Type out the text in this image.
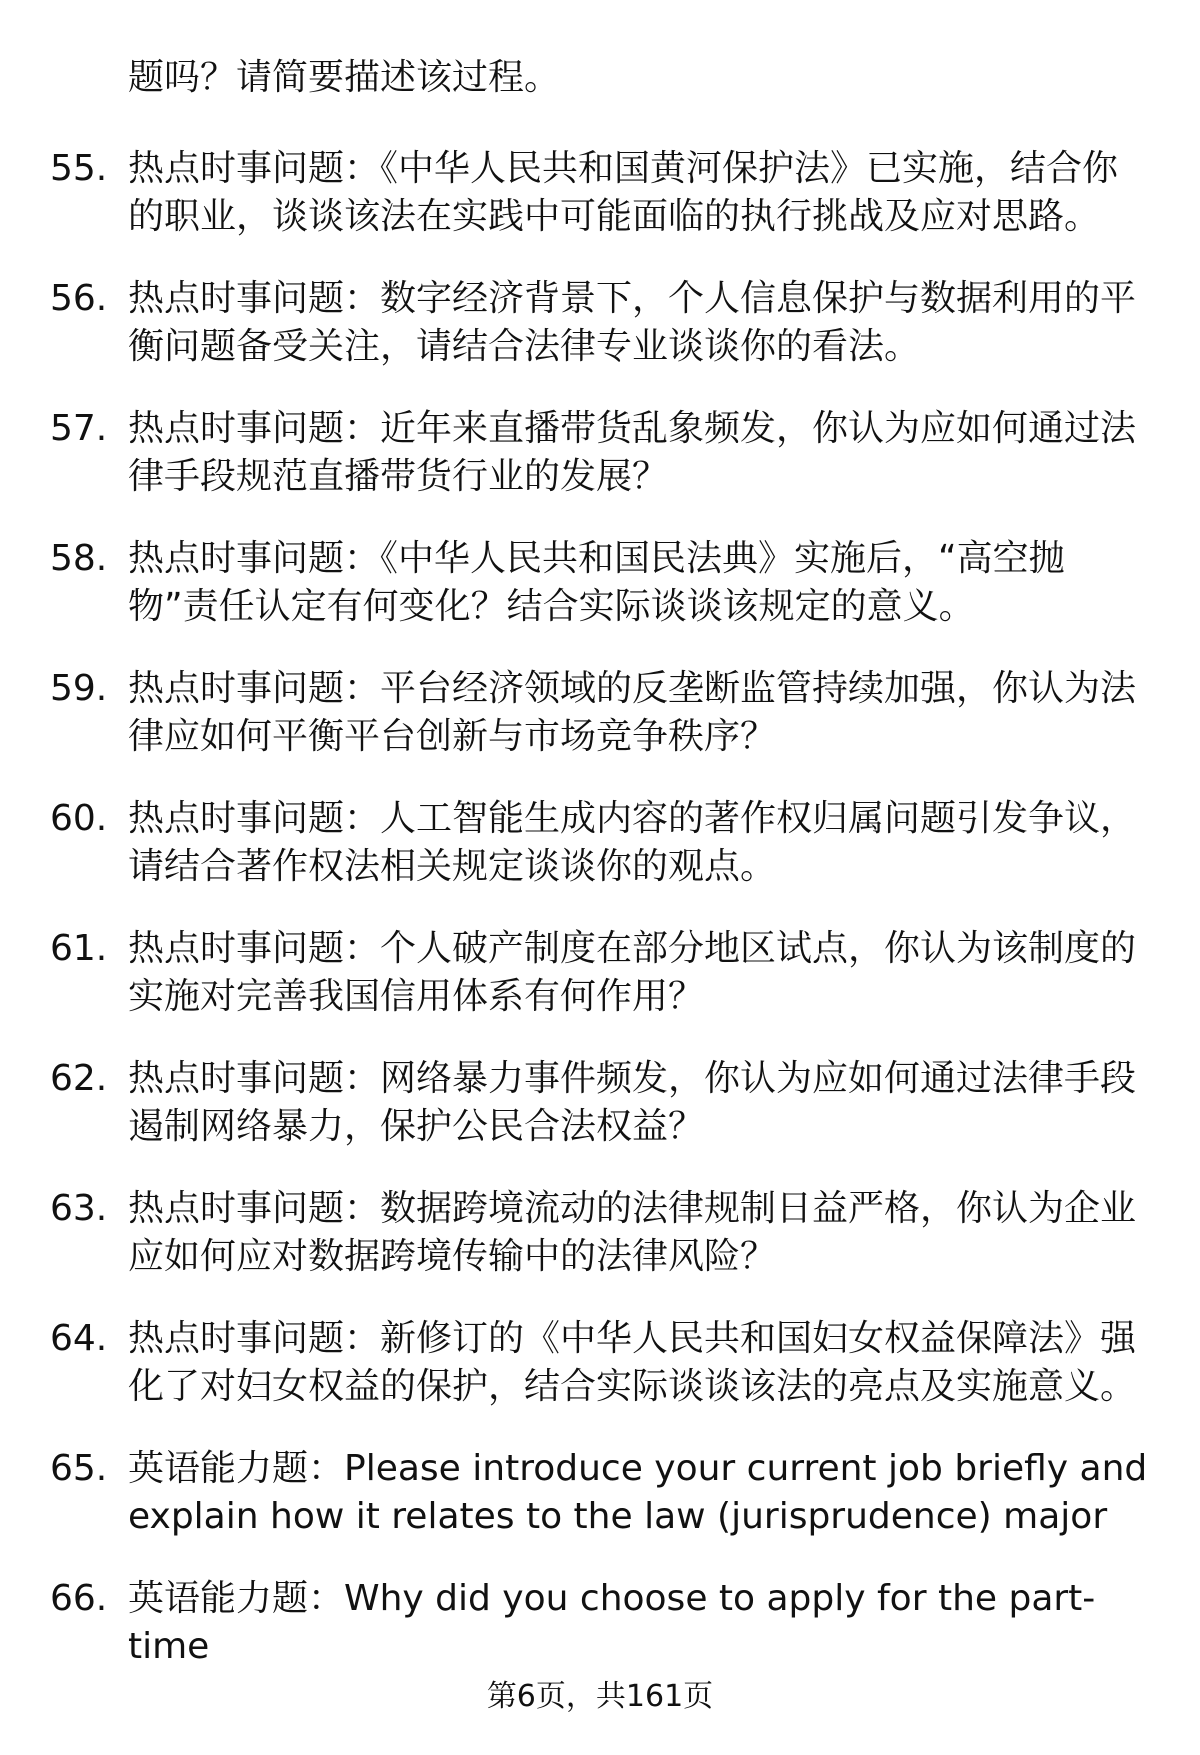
题吗？请简要描述该过程。
55. 热点时事问题：《中华人民共和国黄河保护法》已实施，结合你的职业，谈谈该法在实践中可能面临的执行挑战及应对思路。
56. 热点时事问题：数字经济背景下，个人信息保护与数据利用的平衡问题备受关注，请结合法律专业谈谈你的看法。
57. 热点时事问题：近年来直播带货乱象频发，你认为应如何通过法律手段规范直播带货行业的发展？
58. 热点时事问题：《中华人民共和国民法典》实施后，“高空抛物”责任认定有何变化？结合实际谈谈该规定的意义。
59. 热点时事问题：平台经济领域的反垄断监管持续加强，你认为法律应如何平衡平台创新与市场竞争秩序？
60. 热点时事问题：人工智能生成内容的著作权归属问题引发争议，请结合著作权法相关规定谈谈你的观点。
61. 热点时事问题：个人破产制度在部分地区试点，你认为该制度的实施对完善我国信用体系有何作用？
62. 热点时事问题：网络暴力事件频发，你认为应如何通过法律手段遏制网络暴力，保护公民合法权益？
63. 热点时事问题：数据跨境流动的法律规制日益严格，你认为企业应如何应对数据跨境传输中的法律风险？
64. 热点时事问题：新修订的《中华人民共和国妇女权益保障法》强化了对妇女权益的保护，结合实际谈谈该法的亮点及实施意义。
65. 英语能力题：Please introduce your current job briefly and explain how it relates to the law (jurisprudence) major
66. 英语能力题：Why did you choose to apply for the part-time
第6页，共161页
